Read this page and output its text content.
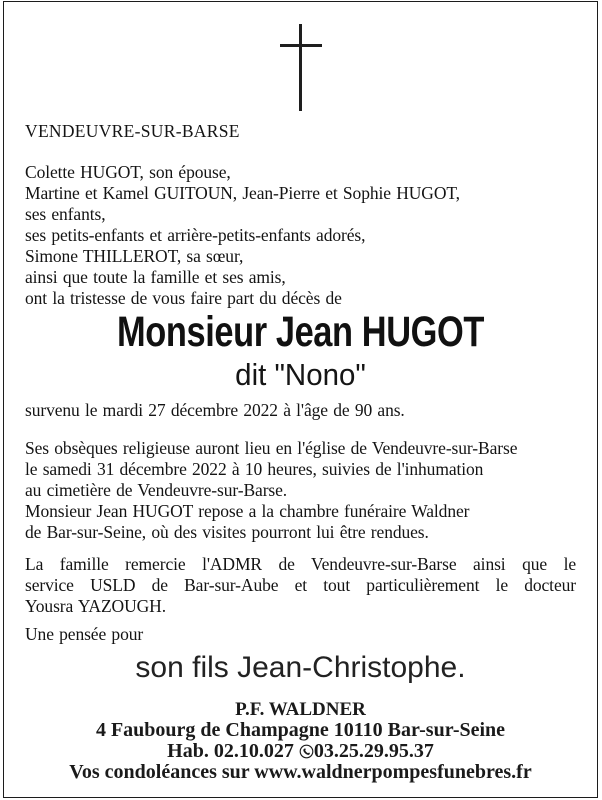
VENDEUVRE-SUR-BARSE
Colette HUGOT, son épouse,
Martine et Kamel GUITOUN, Jean-Pierre et Sophie HUGOT,
ses enfants,
ses petits-enfants et arrière-petits-enfants adorés,
Simone THILLEROT, sa sœur,
ainsi que toute la famille et ses amis,
ont la tristesse de vous faire part du décès de
Monsieur Jean HUGOT
dit "Nono"
survenu le mardi 27 décembre 2022 à l'âge de 90 ans.
Ses obsèques religieuse auront lieu en l'église de Vendeuvre-sur-Barse
le samedi 31 décembre 2022 à 10 heures, suivies de l'inhumation
au cimetière de Vendeuvre-sur-Barse.
Monsieur Jean HUGOT repose a la chambre funéraire Waldner
de Bar-sur-Seine, où des visites pourront lui être rendues.
La famille remercie l'ADMR de Vendeuvre-sur-Barse ainsi que le
service USLD de Bar-sur-Aube et tout particulièrement le docteur
Yousra YAZOUGH.
Une pensée pour
son fils Jean-Christophe.
P.F. WALDNER
4 Faubourg de Champagne 10110 Bar-sur-Seine
Hab. 02.10.027 03.25.29.95.37
Vos condoléances sur www.waldnerpompesfunebres.fr
